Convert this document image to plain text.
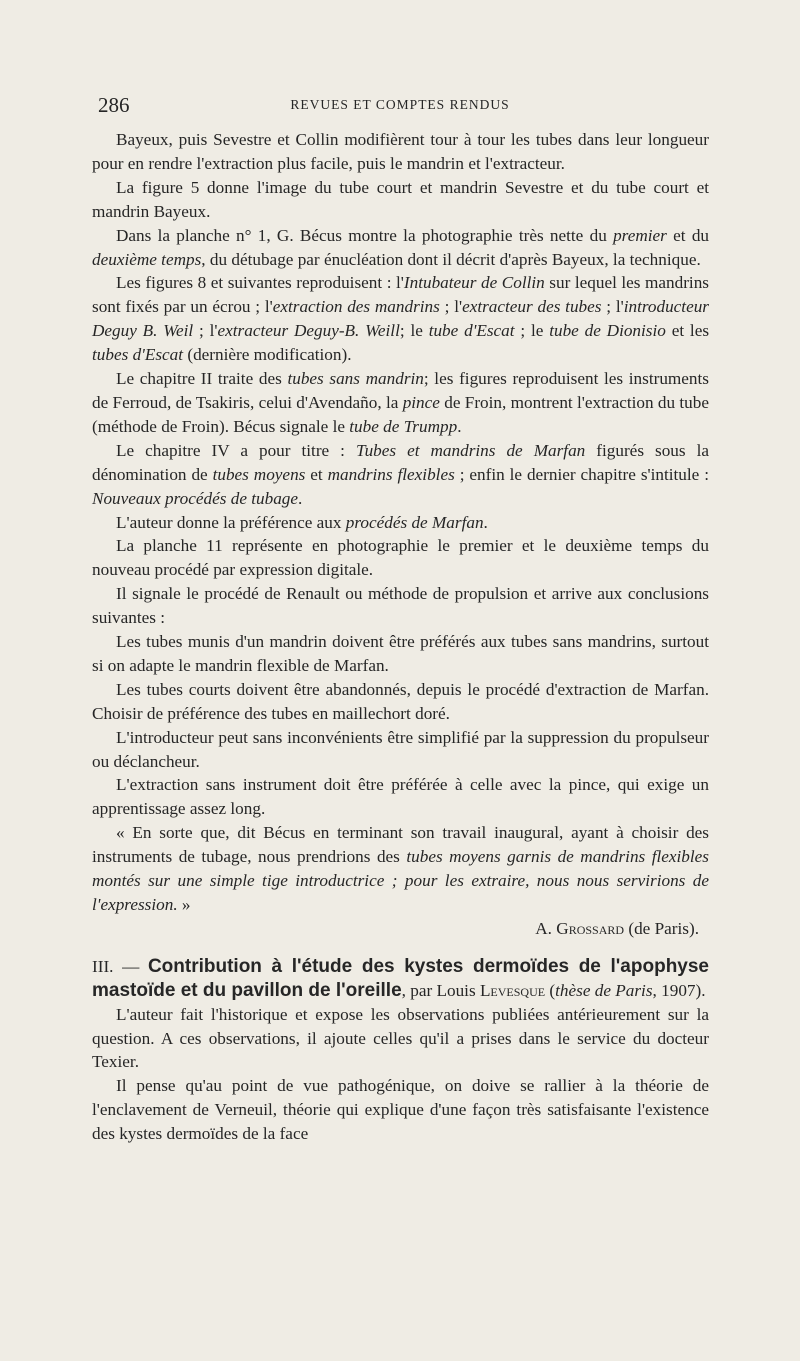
286	REVUES ET COMPTES RENDUS

Bayeux, puis Sevestre et Collin modifièrent tour à tour les tubes dans leur longueur pour en rendre l'extraction plus facile, puis le mandrin et l'extracteur.

La figure 5 donne l'image du tube court et mandrin Sevestre et du tube court et mandrin Bayeux.

Dans la planche n° 1, G. Bécus montre la photographie très nette du premier et du deuxième temps, du détubage par énucléation dont il décrit d'après Bayeux, la technique.

Les figures 8 et suivantes reproduisent : l'Intubateur de Collin sur lequel les mandrins sont fixés par un écrou ; l'extraction des mandrins ; l'extracteur des tubes ; l'introducteur Deguy B. Weil ; l'extracteur Deguy-B. Weill; le tube d'Escat ; le tube de Dionisio et les tubes d'Escat (dernière modification).

Le chapitre II traite des tubes sans mandrin; les figures reproduisent les instruments de Ferroud, de Tsakiris, celui d'Avendaño, la pince de Froin, montrent l'extraction du tube (méthode de Froin). Bécus signale le tube de Trumpp.

Le chapitre IV a pour titre : Tubes et mandrins de Marfan figurés sous la dénomination de tubes moyens et mandrins flexibles ; enfin le dernier chapitre s'intitule : Nouveaux procédés de tubage.

L'auteur donne la préférence aux procédés de Marfan.

La planche 11 représente en photographie le premier et le deuxième temps du nouveau procédé par expression digitale.

Il signale le procédé de Renault ou méthode de propulsion et arrive aux conclusions suivantes :

Les tubes munis d'un mandrin doivent être préférés aux tubes sans mandrins, surtout si on adapte le mandrin flexible de Marfan.

Les tubes courts doivent être abandonnés, depuis le procédé d'extraction de Marfan. Choisir de préférence des tubes en maillechort doré.

L'introducteur peut sans inconvénients être simplifié par la suppression du propulseur ou déclancheur.

L'extraction sans instrument doit être préférée à celle avec la pince, qui exige un apprentissage assez long.

« En sorte que, dit Bécus en terminant son travail inaugural, ayant à choisir des instruments de tubage, nous prendrions des tubes moyens garnis de mandrins flexibles montés sur une simple tige introductrice ; pour les extraire, nous nous servirions de l'expression. »

A. Grossard (de Paris).

III. — Contribution à l'étude des kystes dermoïdes de l'apophyse mastoïde et du pavillon de l'oreille, par Louis Levesque (thèse de Paris, 1907).

L'auteur fait l'historique et expose les observations publiées antérieurement sur la question. A ces observations, il ajoute celles qu'il a prises dans le service du docteur Texier.

Il pense qu'au point de vue pathogénique, on doive se rallier à la théorie de l'enclavement de Verneuil, théorie qui explique d'une façon très satisfaisante l'existence des kystes dermoïdes de la face
